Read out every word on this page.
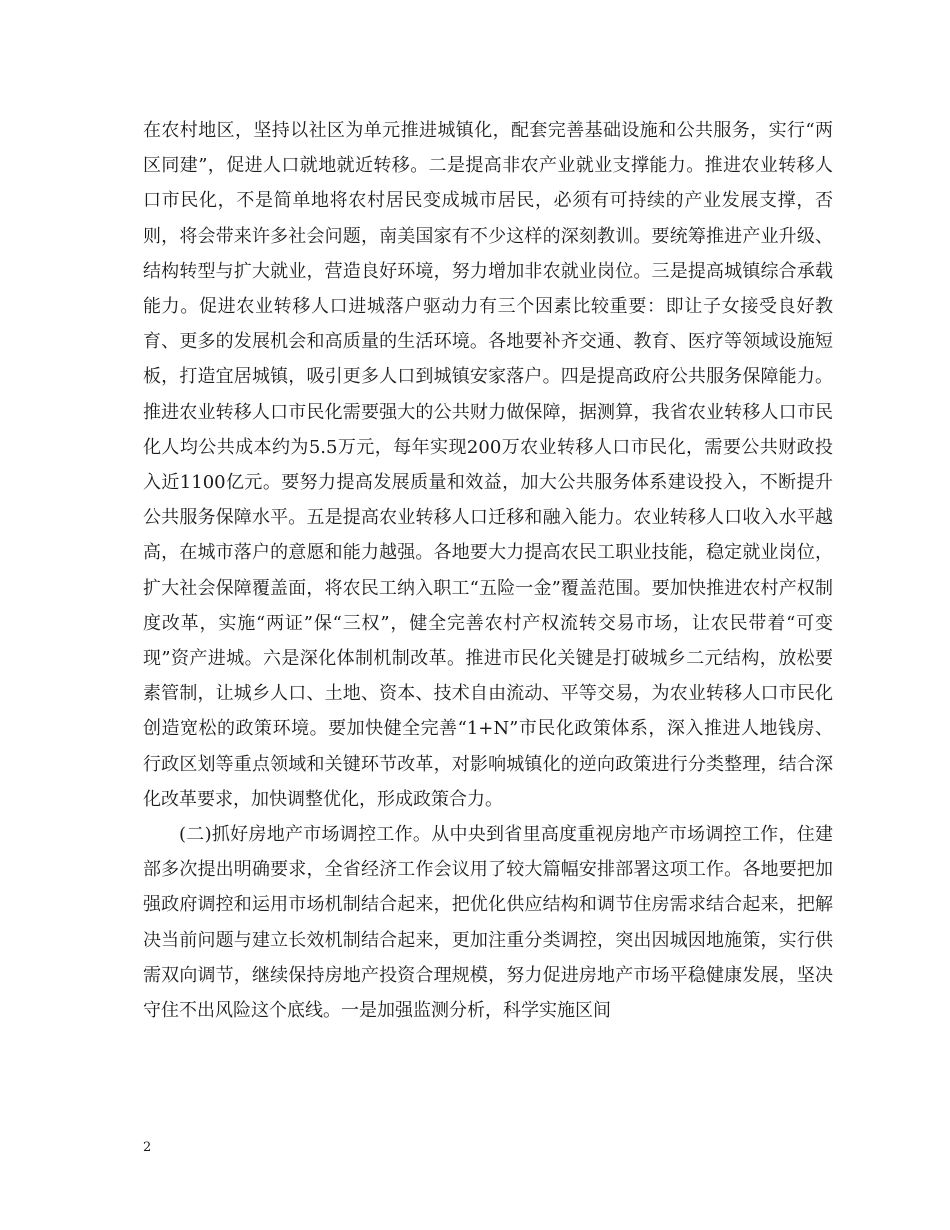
在农村地区，坚持以社区为单元推进城镇化，配套完善基础设施和公共服务，实行“两区同建”，促进人口就地就近转移。二是提高非农产业就业支撑能力。推进农业转移人口市民化，不是简单地将农村居民变成城市居民，必须有可持续的产业发展支撑，否则，将会带来许多社会问题，南美国家有不少这样的深刻教训。要统筹推进产业升级、结构转型与扩大就业，营造良好环境，努力增加非农就业岗位。三是提高城镇综合承载能力。促进农业转移人口进城落户驱动力有三个因素比较重要：即让子女接受良好教育、更多的发展机会和高质量的生活环境。各地要补齐交通、教育、医疗等领域设施短板，打造宜居城镇，吸引更多人口到城镇安家落户。四是提高政府公共服务保障能力。推进农业转移人口市民化需要强大的公共财力做保障，据测算，我省农业转移人口市民化人均公共成本约为5.5万元，每年实现200万农业转移人口市民化，需要公共财政投入近1100亿元。要努力提高发展质量和效益，加大公共服务体系建设投入，不断提升公共服务保障水平。五是提高农业转移人口迁移和融入能力。农业转移人口收入水平越高，在城市落户的意愿和能力越强。各地要大力提高农民工职业技能，稳定就业岗位，扩大社会保障覆盖面，将农民工纳入职工“五险一金”覆盖范围。要加快推进农村产权制度改革，实施“两证”保“三权”，健全完善农村产权流转交易市场，让农民带着“可变现”资产进城。六是深化体制机制改革。推进市民化关键是打破城乡二元结构，放松要素管制，让城乡人口、土地、资本、技术自由流动、平等交易，为农业转移人口市民化创造宽松的政策环境。要加快健全完善“1+N”市民化政策体系，深入推进人地钱房、行政区划等重点领域和关键环节改革，对影响城镇化的逆向政策进行分类整理，结合深化改革要求，加快调整优化，形成政策合力。

(二)抓好房地产市场调控工作。从中央到省里高度重视房地产市场调控工作，住建部多次提出明确要求，全省经济工作会议用了较大篇幅安排部署这项工作。各地要把加强政府调控和运用市场机制结合起来，把优化供应结构和调节住房需求结合起来，把解决当前问题与建立长效机制结合起来，更加注重分类调控，突出因城因地施策，实行供需双向调节，继续保持房地产投资合理规模，努力促进房地产市场平稳健康发展，坚决守住不出风险这个底线。一是加强监测分析，科学实施区间

2
